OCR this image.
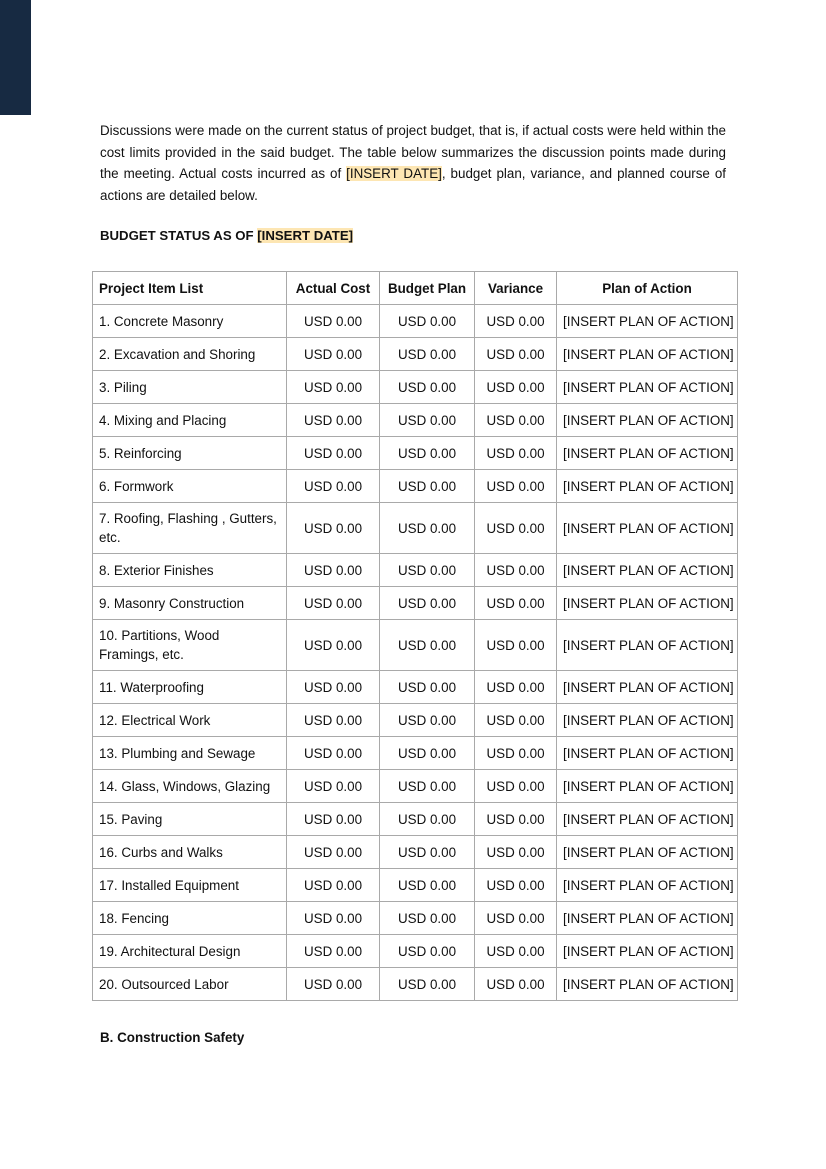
Discussions were made on the current status of project budget, that is, if actual costs were held within the cost limits provided in the said budget. The table below summarizes the discussion points made during the meeting. Actual costs incurred as of [INSERT DATE], budget plan, variance, and planned course of actions are detailed below.

BUDGET STATUS AS OF [INSERT DATE]

Project Item List	Actual Cost	Budget Plan	Variance	Plan of Action
1. Concrete Masonry	USD 0.00	USD 0.00	USD 0.00	[INSERT PLAN OF ACTION]
2. Excavation and Shoring	USD 0.00	USD 0.00	USD 0.00	[INSERT PLAN OF ACTION]
3. Piling	USD 0.00	USD 0.00	USD 0.00	[INSERT PLAN OF ACTION]
4. Mixing and Placing	USD 0.00	USD 0.00	USD 0.00	[INSERT PLAN OF ACTION]
5. Reinforcing	USD 0.00	USD 0.00	USD 0.00	[INSERT PLAN OF ACTION]
6. Formwork	USD 0.00	USD 0.00	USD 0.00	[INSERT PLAN OF ACTION]
7. Roofing, Flashing , Gutters, etc.	USD 0.00	USD 0.00	USD 0.00	[INSERT PLAN OF ACTION]
8. Exterior Finishes	USD 0.00	USD 0.00	USD 0.00	[INSERT PLAN OF ACTION]
9. Masonry Construction	USD 0.00	USD 0.00	USD 0.00	[INSERT PLAN OF ACTION]
10. Partitions, Wood Framings, etc.	USD 0.00	USD 0.00	USD 0.00	[INSERT PLAN OF ACTION]
11. Waterproofing	USD 0.00	USD 0.00	USD 0.00	[INSERT PLAN OF ACTION]
12. Electrical Work	USD 0.00	USD 0.00	USD 0.00	[INSERT PLAN OF ACTION]
13. Plumbing and Sewage	USD 0.00	USD 0.00	USD 0.00	[INSERT PLAN OF ACTION]
14. Glass, Windows, Glazing	USD 0.00	USD 0.00	USD 0.00	[INSERT PLAN OF ACTION]
15. Paving	USD 0.00	USD 0.00	USD 0.00	[INSERT PLAN OF ACTION]
16. Curbs and Walks	USD 0.00	USD 0.00	USD 0.00	[INSERT PLAN OF ACTION]
17. Installed Equipment	USD 0.00	USD 0.00	USD 0.00	[INSERT PLAN OF ACTION]
18. Fencing	USD 0.00	USD 0.00	USD 0.00	[INSERT PLAN OF ACTION]
19. Architectural Design	USD 0.00	USD 0.00	USD 0.00	[INSERT PLAN OF ACTION]
20. Outsourced Labor	USD 0.00	USD 0.00	USD 0.00	[INSERT PLAN OF ACTION]

B. Construction Safety
